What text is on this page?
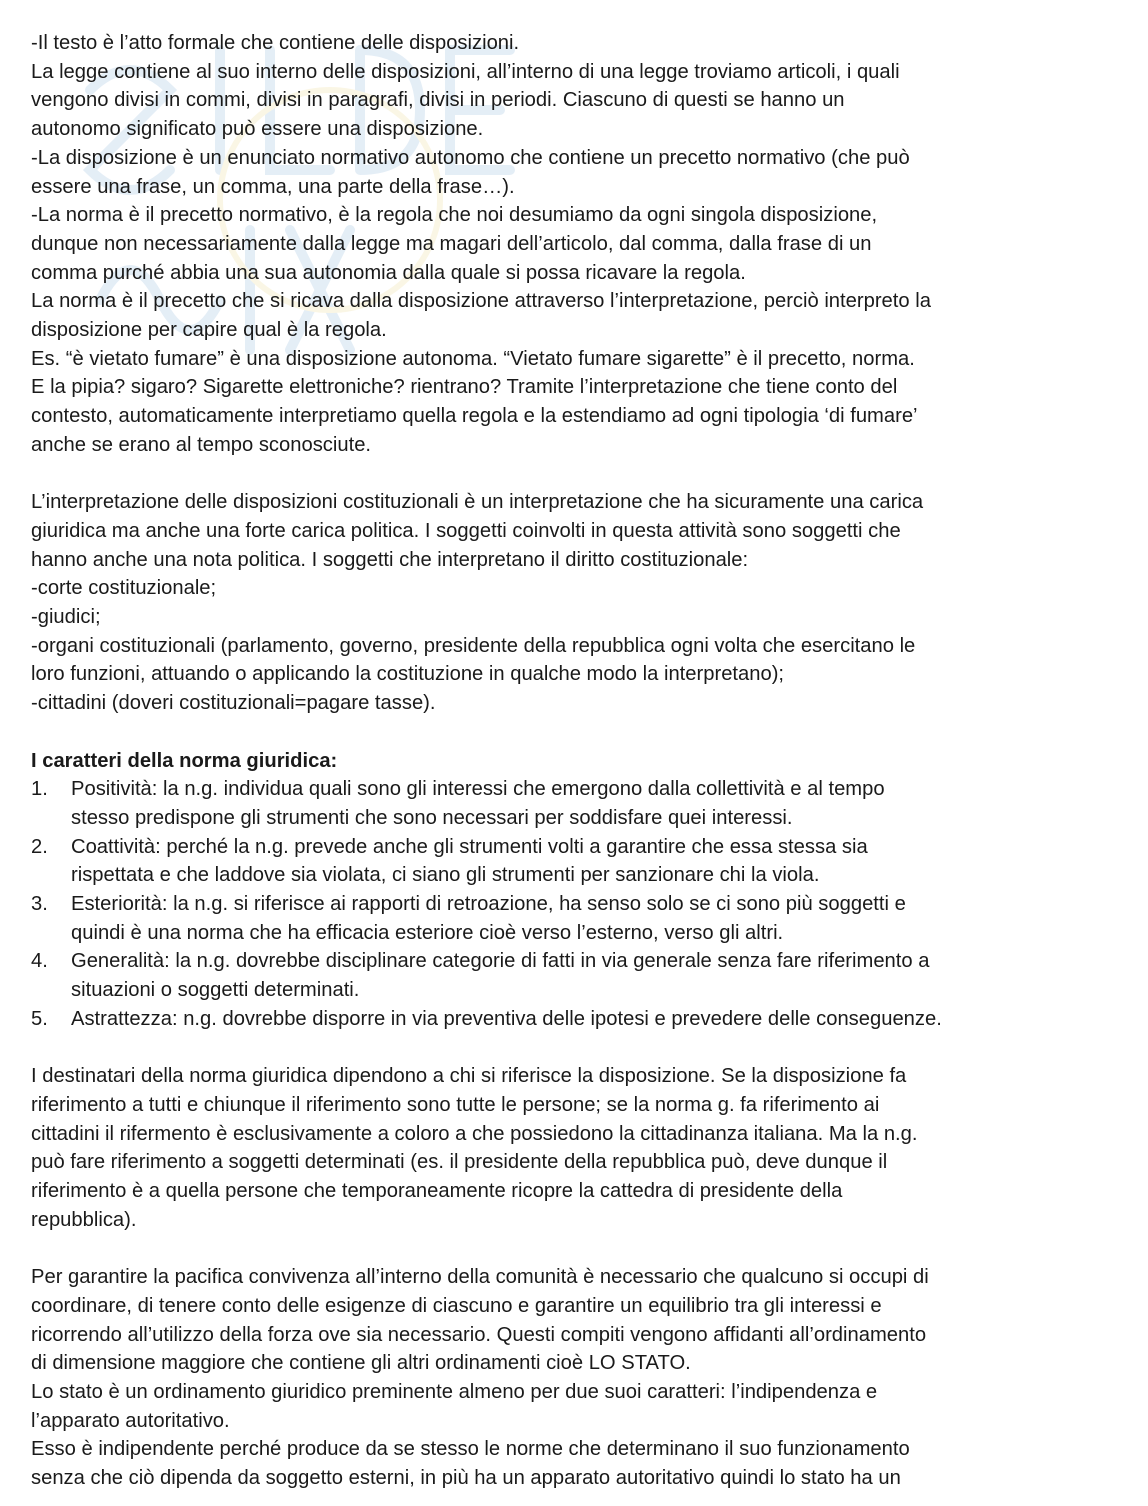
-Il testo è l’atto formale che contiene delle disposizioni.
La legge contiene al suo interno delle disposizioni, all’interno di una legge troviamo articoli, i quali
vengono divisi in commi, divisi in paragrafi, divisi in periodi. Ciascuno di questi se hanno un
autonomo significato può essere una disposizione.
-La disposizione è un enunciato normativo autonomo che contiene un precetto normativo (che può
essere una frase, un comma, una parte della frase…).
-La norma è il precetto normativo, è la regola che noi desumiamo da ogni singola disposizione,
dunque non necessariamente dalla legge ma magari dell’articolo, dal comma, dalla frase di un
comma purché abbia una sua autonomia dalla quale si possa ricavare la regola.
La norma è il precetto che si ricava dalla disposizione attraverso l’interpretazione, perciò interpreto la
disposizione per capire qual è la regola.
Es. “è vietato fumare” è una disposizione autonoma. “Vietato fumare sigarette” è il precetto, norma.
E la pipia? sigaro? Sigarette elettroniche? rientrano? Tramite l’interpretazione che tiene conto del
contesto, automaticamente interpretiamo quella regola e la estendiamo ad ogni tipologia ‘di fumare’
anche se erano al tempo sconosciute.

L’interpretazione delle disposizioni costituzionali è un interpretazione che ha sicuramente una carica
giuridica ma anche una forte carica politica. I soggetti coinvolti in questa attività sono soggetti che
hanno anche una nota politica. I soggetti che interpretano il diritto costituzionale:
-corte costituzionale;
-giudici;
-organi costituzionali (parlamento, governo, presidente della repubblica ogni volta che esercitano le
loro funzioni, attuando o applicando la costituzione in qualche modo la interpretano);
-cittadini (doveri costituzionali=pagare tasse).

I caratteri della norma giuridica:

1. Positività: la n.g. individua quali sono gli interessi che emergono dalla collettività e al tempo
stesso predispone gli strumenti che sono necessari per soddisfare quei interessi.
2. Coattività: perché la n.g. prevede anche gli strumenti volti a garantire che essa stessa sia
rispettata e che laddove sia violata, ci siano gli strumenti per sanzionare chi la viola.
3. Esteriorità: la n.g. si riferisce ai rapporti di retroazione, ha senso solo se ci sono più soggetti e
quindi è una norma che ha efficacia esteriore cioè verso l’esterno, verso gli altri.
4. Generalità: la n.g. dovrebbe disciplinare categorie di fatti in via generale senza fare riferimento a
situazioni o soggetti determinati.
5. Astrattezza: n.g. dovrebbe disporre in via preventiva delle ipotesi e prevedere delle conseguenze.

I destinatari della norma giuridica dipendono a chi si riferisce la disposizione. Se la disposizione fa
riferimento a tutti e chiunque il riferimento sono tutte le persone; se la norma g. fa riferimento ai
cittadini il rifermento è esclusivamente a coloro a che possiedono la cittadinanza italiana. Ma la n.g.
può fare riferimento a soggetti determinati (es. il presidente della repubblica può, deve dunque il
riferimento è a quella persone che temporaneamente ricopre la cattedra di presidente della
repubblica).

Per garantire la pacifica convivenza all’interno della comunità è necessario che qualcuno si occupi di
coordinare, di tenere conto delle esigenze di ciascuno e garantire un equilibrio tra gli interessi e
ricorrendo all’utilizzo della forza ove sia necessario. Questi compiti vengono affidanti all’ordinamento
di dimensione maggiore che contiene gli altri ordinamenti cioè LO STATO.
Lo stato è un ordinamento giuridico preminente almeno per due suoi caratteri: l’indipendenza e
l’apparato autoritativo.
Esso è indipendente perché produce da se stesso le norme che determinano il suo funzionamento
senza che ciò dipenda da soggetto esterni, in più ha un apparato autoritativo quindi lo stato ha un
